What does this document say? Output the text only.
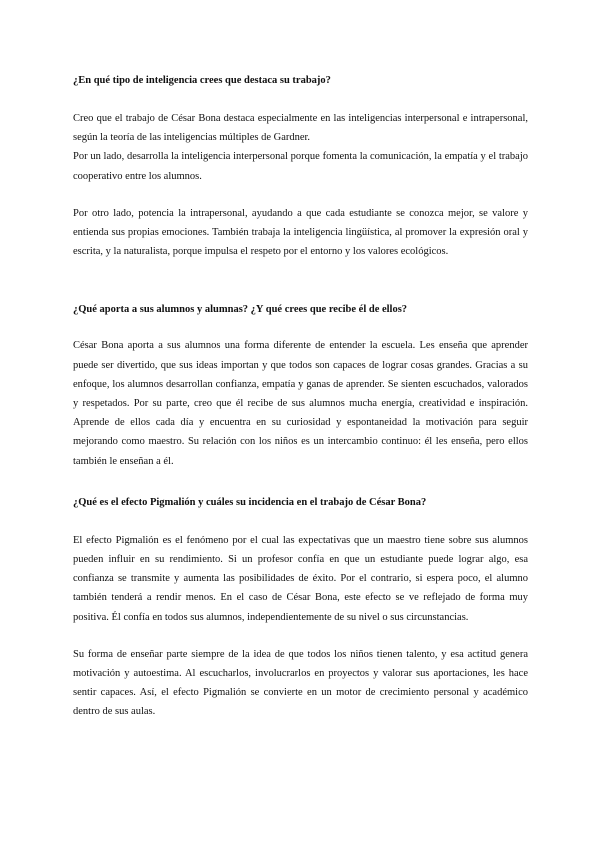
¿En qué tipo de inteligencia crees que destaca su trabajo?

Creo que el trabajo de César Bona destaca especialmente en las inteligencias interpersonal e intrapersonal, según la teoría de las inteligencias múltiples de Gardner.

Por un lado, desarrolla la inteligencia interpersonal porque fomenta la comunicación, la empatía y el trabajo cooperativo entre los alumnos.

Por otro lado, potencia la intrapersonal, ayudando a que cada estudiante se conozca mejor, se valore y entienda sus propias emociones. También trabaja la inteligencia lingüística, al promover la expresión oral y escrita, y la naturalista, porque impulsa el respeto por el entorno y los valores ecológicos.

¿Qué aporta a sus alumnos y alumnas? ¿Y qué crees que recibe él de ellos?

César Bona aporta a sus alumnos una forma diferente de entender la escuela. Les enseña que aprender puede ser divertido, que sus ideas importan y que todos son capaces de lograr cosas grandes. Gracias a su enfoque, los alumnos desarrollan confianza, empatía y ganas de aprender. Se sienten escuchados, valorados y respetados. Por su parte, creo que él recibe de sus alumnos mucha energía, creatividad e inspiración. Aprende de ellos cada día y encuentra en su curiosidad y espontaneidad la motivación para seguir mejorando como maestro. Su relación con los niños es un intercambio continuo: él les enseña, pero ellos también le enseñan a él.

¿Qué es el efecto Pigmalión y cuáles su incidencia en el trabajo de César Bona?

El efecto Pigmalión es el fenómeno por el cual las expectativas que un maestro tiene sobre sus alumnos pueden influir en su rendimiento. Si un profesor confía en que un estudiante puede lograr algo, esa confianza se transmite y aumenta las posibilidades de éxito. Por el contrario, si espera poco, el alumno también tenderá a rendir menos. En el caso de César Bona, este efecto se ve reflejado de forma muy positiva. Él confía en todos sus alumnos, independientemente de su nivel o sus circunstancias.

Su forma de enseñar parte siempre de la idea de que todos los niños tienen talento, y esa actitud genera motivación y autoestima. Al escucharlos, involucrarlos en proyectos y valorar sus aportaciones, les hace sentir capaces. Así, el efecto Pigmalión se convierte en un motor de crecimiento personal y académico dentro de sus aulas.
